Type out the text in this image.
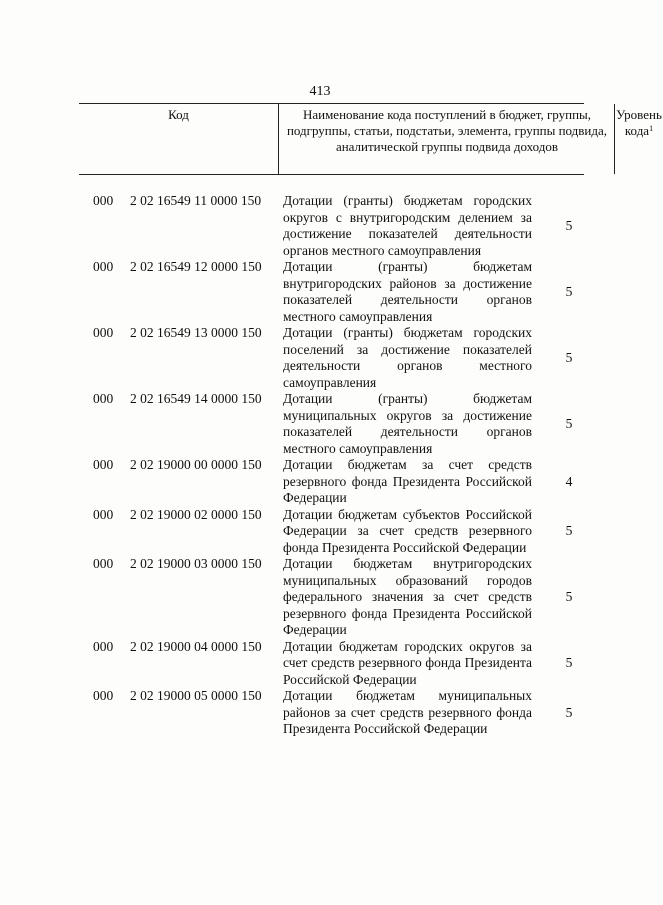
413
Код	Наименование кода поступлений в бюджет, группы, подгруппы, статьи, подстатьи, элемента, группы подвида, аналитической группы подвида доходов
Уровень кода$^1$
000 2 02 16549 11 0000 150 Дотации (гранты) бюджетам городских округов с внутригородским делением за достижение показателей деятельности органов местного самоуправления
5
000 2 02 16549 12 0000 150 Дотации (гранты) бюджетам внутригородских районов за достижение показателей деятельности органов местного самоуправления
5
000 2 02 16549 13 0000 150 Дотации (гранты) бюджетам городских поселений за достижение показателей деятельности органов местного самоуправления
5
000 2 02 16549 14 0000 150 Дотации (гранты) бюджетам муниципальных округов за достижение показателей деятельности органов местного самоуправления
5
000 2 02 19000 00 0000 150 Дотации бюджетам за счет средств резервного фонда Президента Российской Федерации
4
000 2 02 19000 02 0000 150 Дотации бюджетам субъектов Российской Федерации за счет средств резервного фонда Президента Российской Федерации
5
000 2 02 19000 03 0000 150 Дотации бюджетам внутригородских муниципальных образований городов федерального значения за счет средств резервного фонда Президента Российской Федерации
5
000 2 02 19000 04 0000 150 Дотации бюджетам городских округов за счет средств резервного фонда Президента Российской Федерации
5
000 2 02 19000 05 0000 150 Дотации бюджетам муниципальных районов за счет средств резервного фонда Президента Российской Федерации
5
